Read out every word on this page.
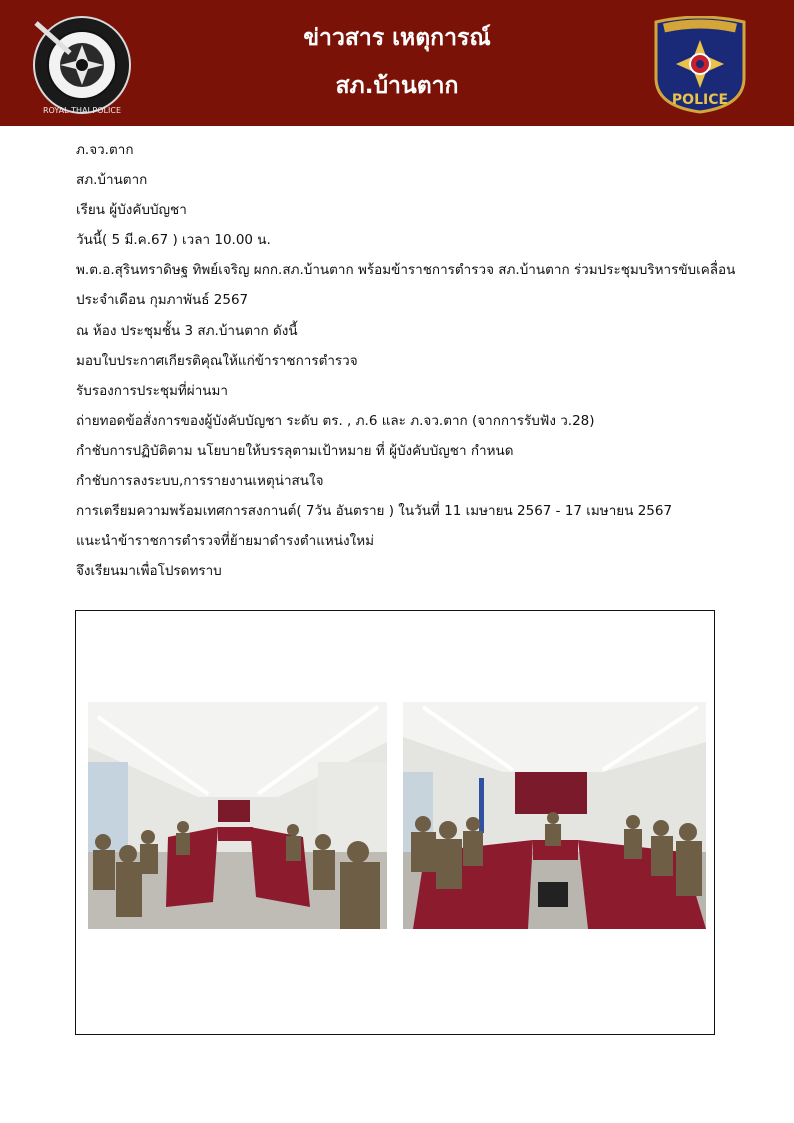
ROYAL THAI POLICE
ข่าวสาร เหตุการณ์
สภ.บ้านตาก
POLICE
ภ.จว.ตาก
สภ.บ้านตาก
เรียน ผู้บังคับบัญชา
วันนี้( 5 มี.ค.67 ) เวลา 10.00 น.
พ.ต.อ.สุรินทราดิษฐ ทิพย์เจริญ ผกก.สภ.บ้านตาก พร้อมข้าราชการตำรวจ สภ.บ้านตาก ร่วมประชุมบริหารขับเคลื่อน
ประจำเดือน กุมภาพันธ์ 2567
ณ ห้อง ประชุมชั้น 3 สภ.บ้านตาก ดังนี้
มอบใบประกาศเกียรติคุณให้แก่ข้าราชการตำรวจ
รับรองการประชุมที่ผ่านมา
ถ่ายทอดข้อสั่งการของผู้บังคับบัญชา ระดับ ตร. , ภ.6 และ ภ.จว.ตาก (จากการรับฟัง ว.28)
กำชับการปฏิบัติตาม นโยบายให้บรรลุตามเป้าหมาย ที่ ผู้บังคับบัญชา กำหนด
กำชับการลงระบบ,การรายงานเหตุน่าสนใจ
การเตรียมความพร้อมเทศการสงกานต์( 7วัน อันตราย ) ในวันที่ 11 เมษายน 2567 - 17 เมษายน 2567
แนะนำข้าราชการตำรวจที่ย้ายมาดำรงตำแหน่งใหม่
จึงเรียนมาเพื่อโปรดทราบ
